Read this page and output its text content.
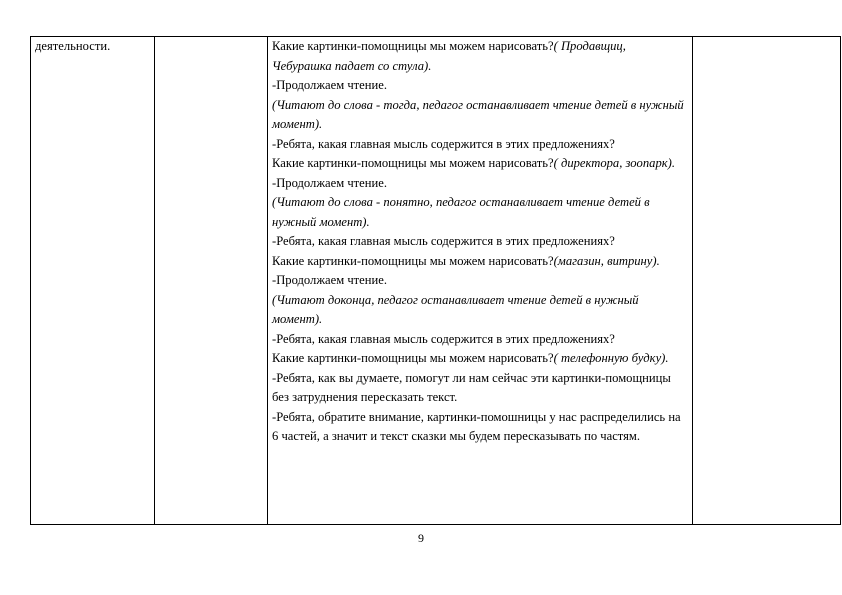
деятельности.		Какие картинки-помощницы мы можем нарисовать?( Продавщиц, Чебурашка падает со стула).

-Продолжаем чтение.

(Читают до слова - тогда, педагог останавливает чтение детей в нужный момент).

-Ребята, какая главная мысль содержится в этих предложениях?

Какие картинки-помощницы мы можем нарисовать?( директора, зоопарк).

-Продолжаем чтение.

(Читают до слова - понятно, педагог останавливает чтение детей в нужный момент).

-Ребята, какая главная мысль содержится в этих предложениях?

Какие картинки-помощницы мы можем нарисовать?(магазин, витрину).

-Продолжаем чтение.

(Читают доконца, педагог останавливает чтение детей в нужный момент).

-Ребята, какая главная мысль содержится в этих предложениях?

Какие картинки-помощницы мы можем нарисовать?( телефонную будку).

-Ребята, как вы думаете, помогут ли нам сейчас эти картинки-помощницы без затруднения пересказать текст.

-Ребята, обратите внимание, картинки-помошницы у нас распределились на 6 частей, а значит и текст сказки мы будем пересказывать по частям.

9
